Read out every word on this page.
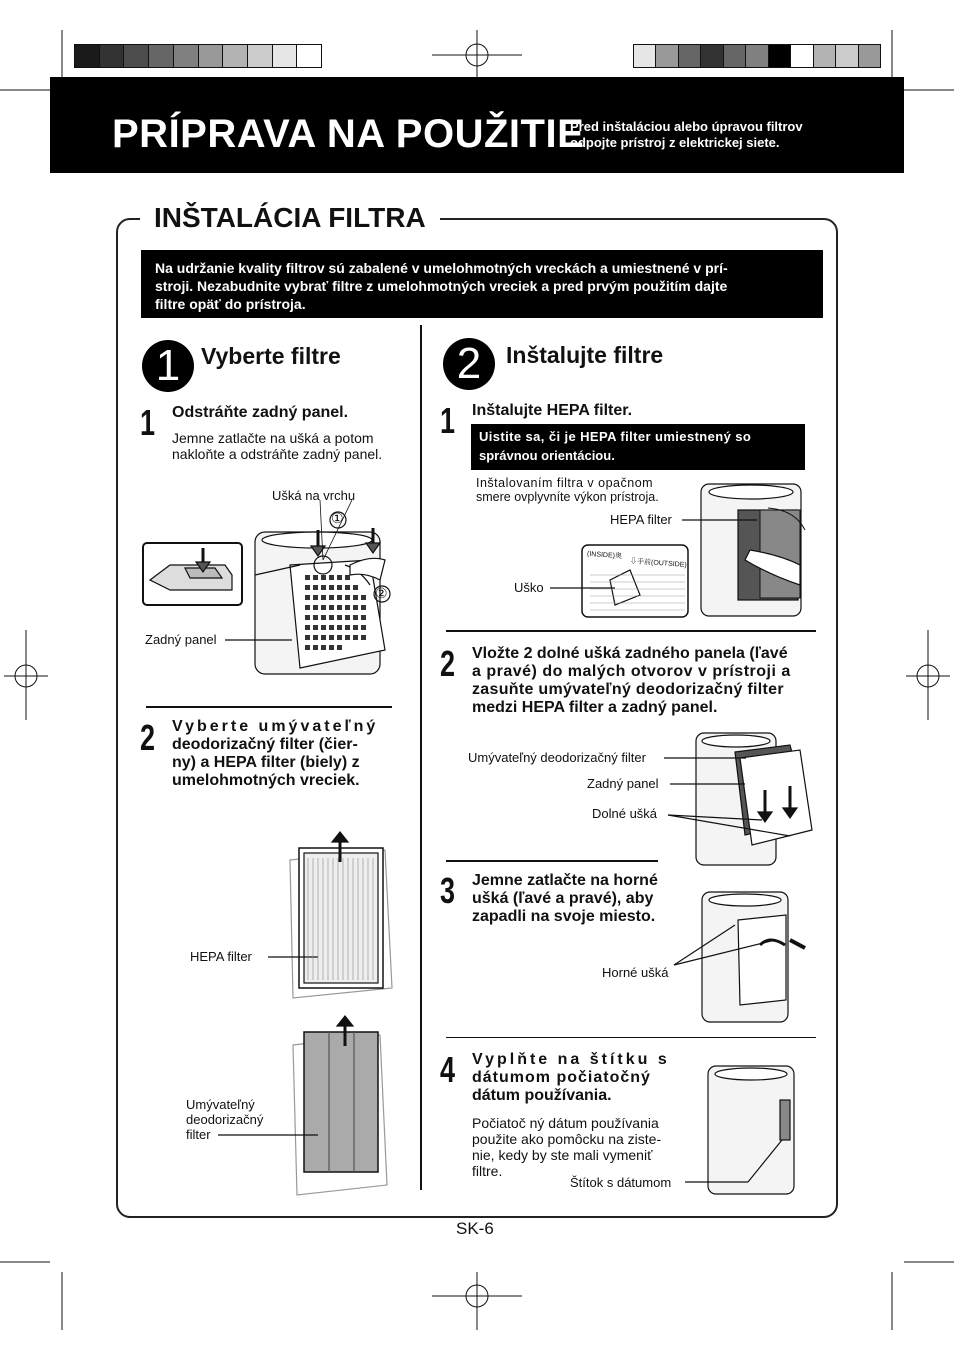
PRÍPRAVA NA POUŽITIE
Pred inštaláciou alebo úpravou filtrov
odpojte prístroj z elektrickej siete.
INŠTALÁCIA FILTRA
Na udržanie kvality filtrov sú zabalené v umelohmotných vreckách a umiestnené v prí-
stroji. Nezabudnite vybrať filtre z umelohmotných vreciek a pred prvým použitím dajte
filtre opäť do prístroja.
1 Vyberte filtre
1 Odstráňte zadný panel.
Jemne zatlačte na ušká a potom
nakloňte a odstráňte zadný panel.
Ušká na vrchu
Zadný panel
①
②
2 Vyberte umývateľný
deodorizačný filter (čier-
ny) a HEPA filter (biely) z
umelohmotných vreciek.
HEPA filter
Umývateľný
deodorizačný
filter
2	Inštalujte filtre
1 Inštalujte HEPA filter.
Uistite sa, či je HEPA filter umiestnený so
správnou orientáciou.
Inštalovaním filtra v opačnom
smere ovplyvníte výkon prístroja.
(INSIDE)奥
⇩手前(OUTSIDE)
HEPA filter
Uško
2 Vložte 2 dolné ušká zadného panela (ľavé
a pravé) do malých otvorov v prístroji a
zasuňte umývateľný deodorizačný filter
medzi HEPA filter a zadný panel.
Umývateľný deodorizačný filter
Zadný panel
Dolné ušká
3 Jemne zatlačte na horné
ušká (ľavé a pravé), aby
zapadli na svoje miesto.
Horné ušká
4 Vyplňte na štítku s
dátumom počiatočný
dátum používania.
Počiatoč ný dátum používania
použite ako pomôcku na ziste-
nie, kedy by ste mali vymeniť
filtre.
Štítok s dátumom
SK-6
